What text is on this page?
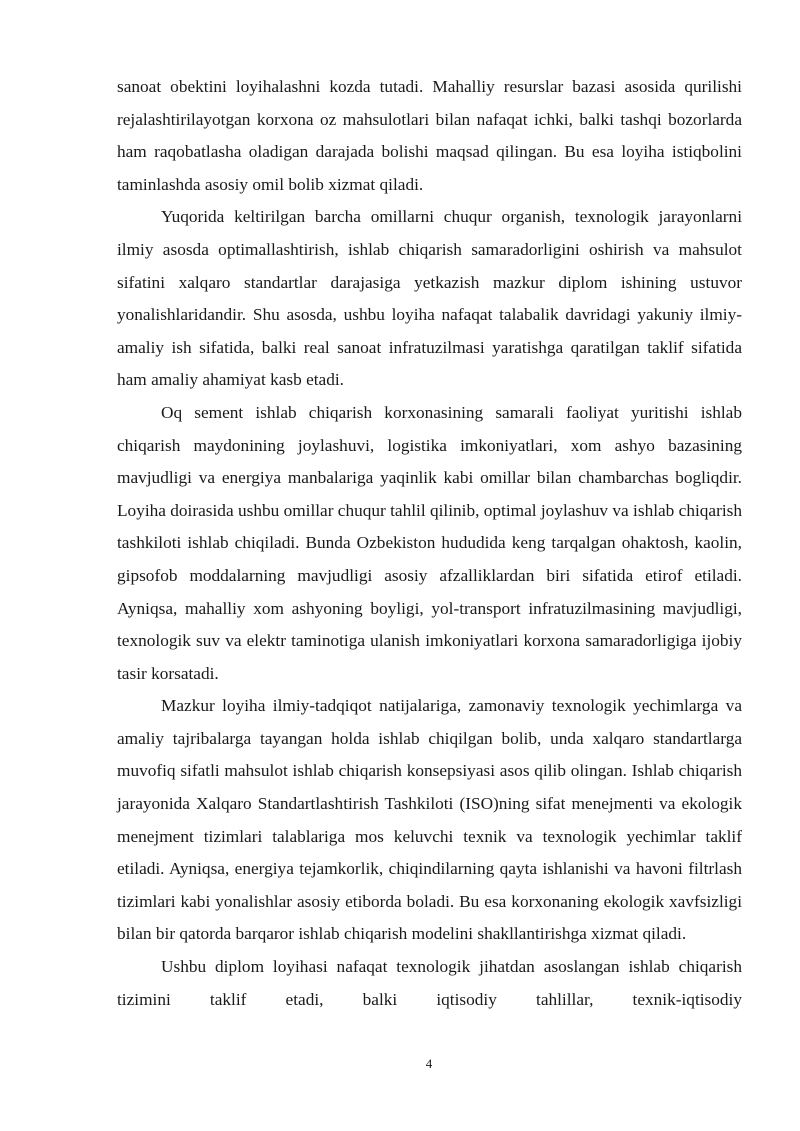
sanoat obektini loyihalashni kozda tutadi. Mahalliy resurslar bazasi asosida qurilishi rejalashtirilayotgan korxona oz mahsulotlari bilan nafaqat ichki, balki tashqi bozorlarda ham raqobatlasha oladigan darajada bolishi maqsad qilingan. Bu esa loyiha istiqbolini taminlashda asosiy omil bolib xizmat qiladi.

Yuqorida keltirilgan barcha omillarni chuqur organish, texnologik jarayonlarni ilmiy asosda optimallashtirish, ishlab chiqarish samaradorligini oshirish va mahsulot sifatini xalqaro standartlar darajasiga yetkazish mazkur diplom ishining ustuvor yonalishlaridandir. Shu asosda, ushbu loyiha nafaqat talabalik davridagi yakuniy ilmiy-amaliy ish sifatida, balki real sanoat infratuzilmasi yaratishga qaratilgan taklif sifatida ham amaliy ahamiyat kasb etadi.

Oq sement ishlab chiqarish korxonasining samarali faoliyat yuritishi ishlab chiqarish maydonining joylashuvi, logistika imkoniyatlari, xom ashyo bazasining mavjudligi va energiya manbalariga yaqinlik kabi omillar bilan chambarchas bogliqdir. Loyiha doirasida ushbu omillar chuqur tahlil qilinib, optimal joylashuv va ishlab chiqarish tashkiloti ishlab chiqiladi. Bunda Ozbekiston hududida keng tarqalgan ohaktosh, kaolin, gipsofob moddalarning mavjudligi asosiy afzalliklardan biri sifatida etirof etiladi. Ayniqsa, mahalliy xom ashyoning boyligi, yol-transport infratuzilmasining mavjudligi, texnologik suv va elektr taminotiga ulanish imkoniyatlari korxona samaradorligiga ijobiy tasir korsatadi.

Mazkur loyiha ilmiy-tadqiqot natijalariga, zamonaviy texnologik yechimlarga va amaliy tajribalarga tayangan holda ishlab chiqilgan bolib, unda xalqaro standartlarga muvofiq sifatli mahsulot ishlab chiqarish konsepsiyasi asos qilib olingan. Ishlab chiqarish jarayonida Xalqaro Standartlashtirish Tashkiloti (ISO)ning sifat menejmenti va ekologik menejment tizimlari talablariga mos keluvchi texnik va texnologik yechimlar taklif etiladi. Ayniqsa, energiya tejamkorlik, chiqindilarning qayta ishlanishi va havoni filtrlash tizimlari kabi yonalishlar asosiy etiborda boladi. Bu esa korxonaning ekologik xavfsizligi bilan bir qatorda barqaror ishlab chiqarish modelini shakllantirishga xizmat qiladi.

Ushbu diplom loyihasi nafaqat texnologik jihatdan asoslangan ishlab chiqarish tizimini taklif etadi, balki iqtisodiy tahlillar, texnik-iqtisodiy

4
